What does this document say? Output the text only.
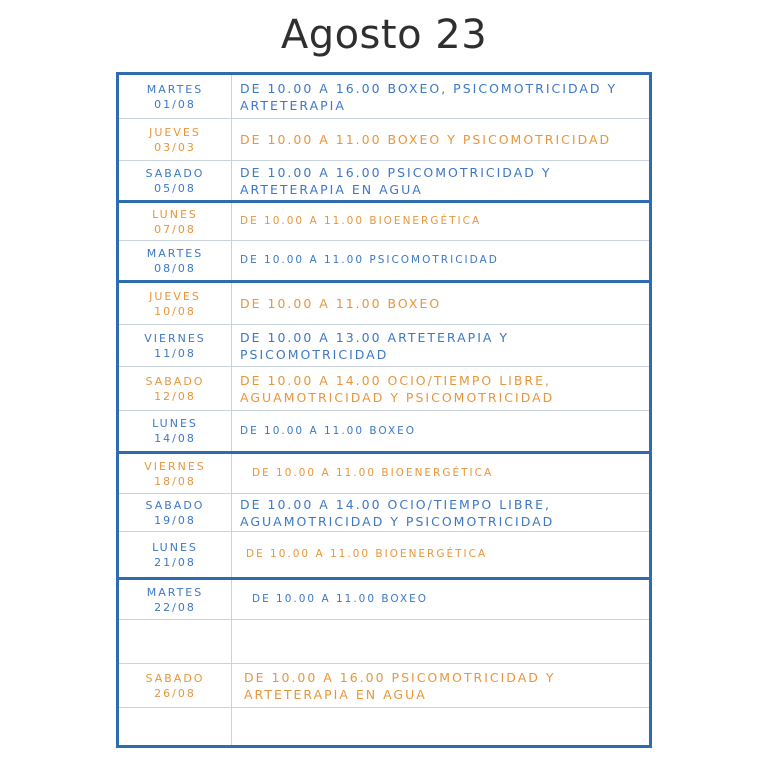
Agosto 23
MARTES
01/08
DE 10.00 A 16.00 BOXEO, PSICOMOTRICIDAD Y ARTETERAPIA
JUEVES
03/03	DE 10.00 A 11.00 BOXEO Y PSICOMOTRICIDAD
SABADO
05/08
DE 10.00 A 16.00 PSICOMOTRICIDAD Y ARTETERAPIA EN AGUA
LUNES
07/08
DE 10.00 A 11.00 BIOENERGÉTICA
MARTES
08/08
DE 10.00 A 11.00 PSICOMOTRICIDAD
JUEVES
10/08	DE 10.00 A 11.00 BOXEO
VIERNES
11/08
DE 10.00 A 13.00 ARTETERAPIA Y PSICOMOTRICIDAD
SABADO
12/08
DE 10.00 A 14.00 OCIO/TIEMPO LIBRE, AGUAMOTRICIDAD Y PSICOMOTRICIDAD
LUNES
14/08
DE 10.00 A 11.00 BOXEO
VIERNES
18/08
DE 10.00 A 11.00 BIOENERGÉTICA
SABADO
19/08
DE 10.00 A 14.00 OCIO/TIEMPO LIBRE, AGUAMOTRICIDAD Y PSICOMOTRICIDAD
LUNES
21/08
DE 10.00 A 11.00 BIOENERGÉTICA
MARTES
22/08
DE 10.00 A 11.00 BOXEO
SABADO
26/08
DE 10.00 A 16.00 PSICOMOTRICIDAD Y ARTETERAPIA EN AGUA
